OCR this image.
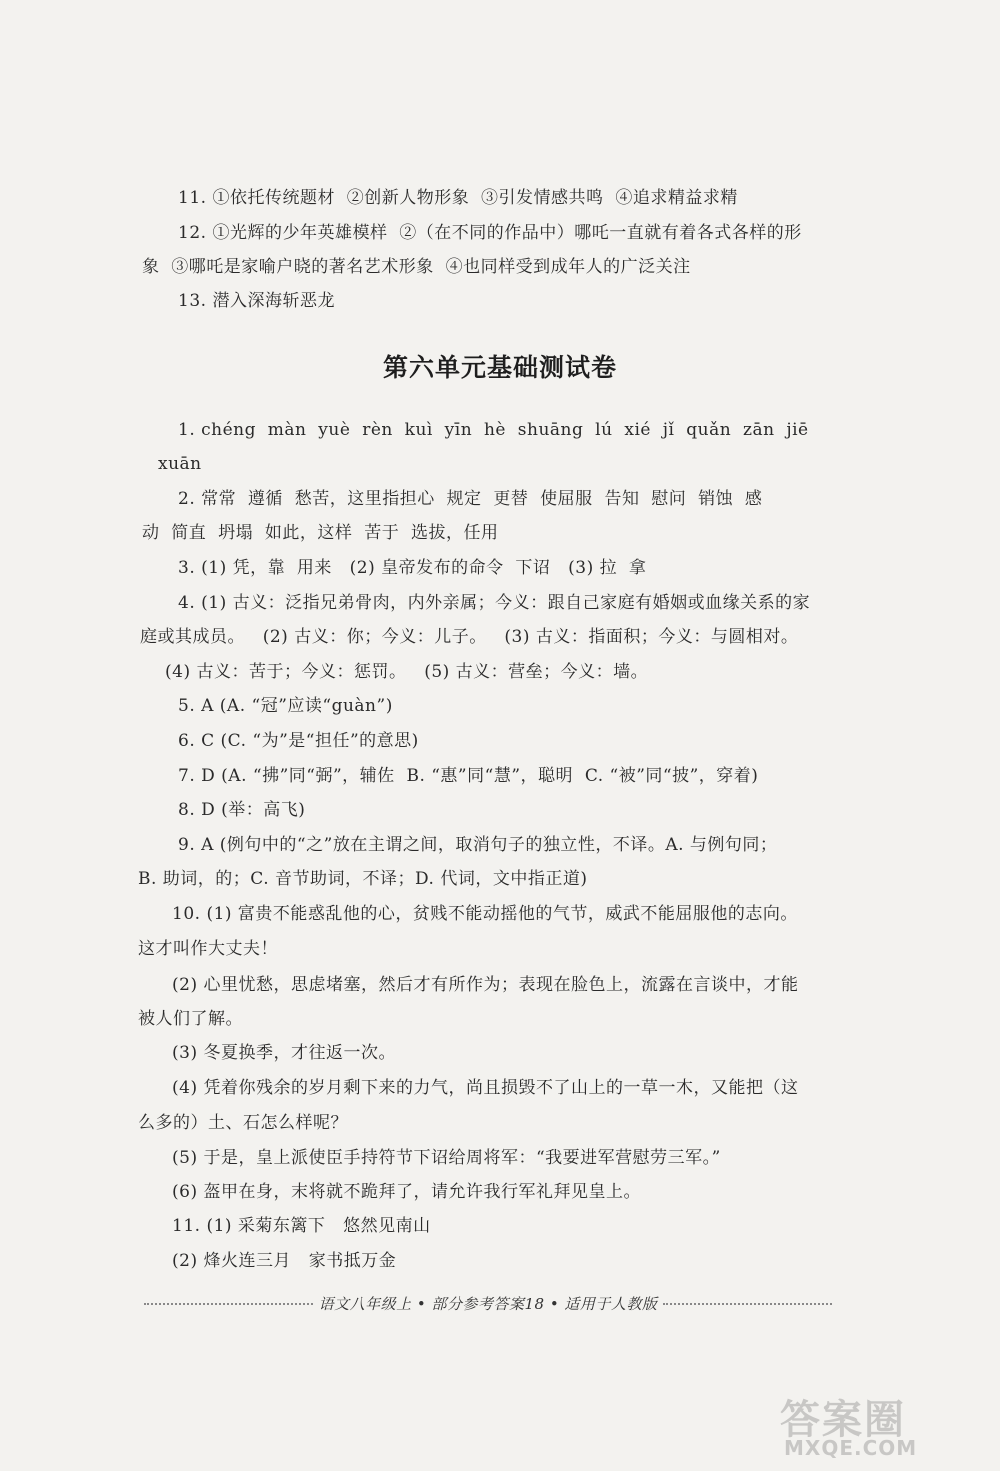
11. ①依托传统题材  ②创新人物形象  ③引发情感共鸣  ④追求精益求精
12. ①光辉的少年英雄模样  ②（在不同的作品中）哪吒一直就有着各式各样的形
象  ③哪吒是家喻户晓的著名艺术形象  ④也同样受到成年人的广泛关注
13. 潜入深海斩恶龙
第六单元基础测试卷
1. chéng  màn  yuè  rèn  kuì  yīn  hè  shuāng  lú  xié  jǐ  quǎn  zān  jiē
xuān
2. 常常  遵循  愁苦，这里指担心  规定  更替  使屈服  告知  慰问  销蚀  感
动  简直  坍塌  如此，这样  苦于  选拔，任用
3. (1) 凭，靠  用来   (2) 皇帝发布的命令  下诏   (3) 拉  拿
4. (1) 古义：泛指兄弟骨肉，内外亲属；今义：跟自己家庭有婚姻或血缘关系的家
庭或其成员。   (2) 古义：你；今义：儿子。   (3) 古义：指面积；今义：与圆相对。
(4) 古义：苦于；今义：惩罚。   (5) 古义：营垒；今义：墙。
5. A (A. “冠”应读“guàn”)
6. C (C. “为”是“担任”的意思)
7. D (A. “拂”同“弼”，辅佐  B. “惠”同“慧”，聪明  C. “被”同“披”，穿着)
8. D (举：高飞)
9. A (例句中的“之”放在主谓之间，取消句子的独立性，不译。A. 与例句同；
B. 助词，的；C. 音节助词，不译；D. 代词，文中指正道)
10. (1) 富贵不能惑乱他的心，贫贱不能动摇他的气节，威武不能屈服他的志向。
这才叫作大丈夫！
(2) 心里忧愁，思虑堵塞，然后才有所作为；表现在脸色上，流露在言谈中，才能
被人们了解。
(3) 冬夏换季，才往返一次。
(4) 凭着你残余的岁月剩下来的力气，尚且损毁不了山上的一草一木，又能把（这
么多的）土、石怎么样呢？
(5) 于是，皇上派使臣手持符节下诏给周将军：“我要进军营慰劳三军。”
(6) 盔甲在身，末将就不跪拜了，请允许我行军礼拜见皇上。
11. (1) 采菊东篱下   悠然见南山
(2) 烽火连三月   家书抵万金
语文八年级上 • 部分参考答案18 • 适用于人教版
答案圈
MXQE.COM
